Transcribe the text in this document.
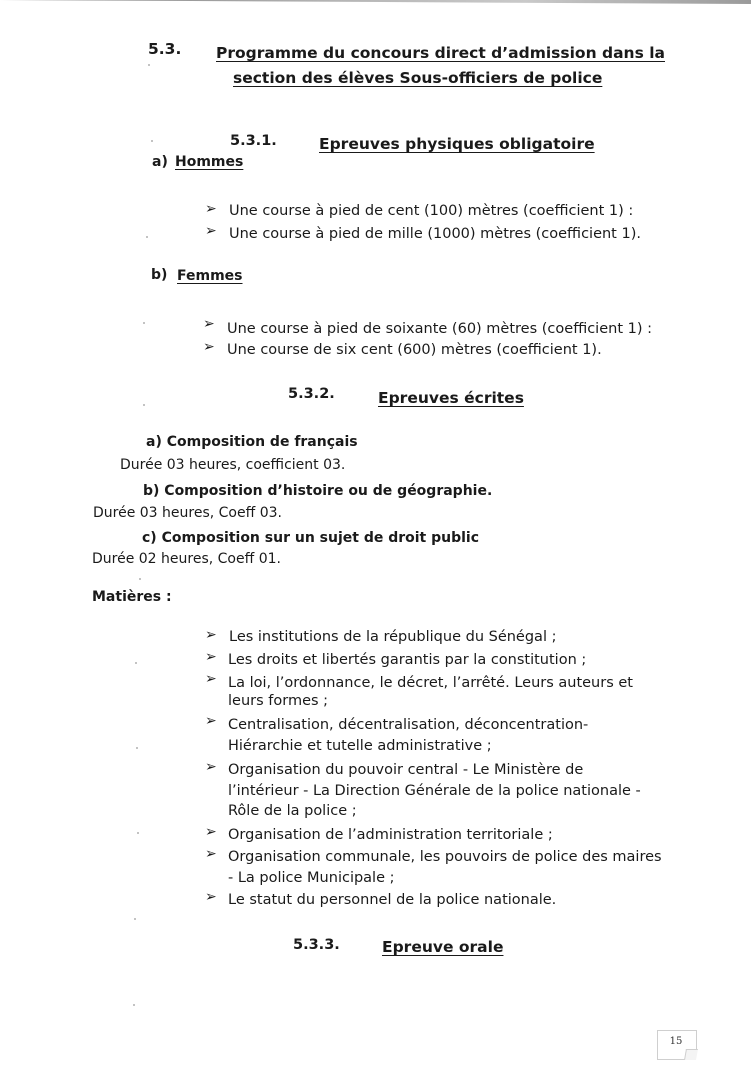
5.3. Programme du concours direct d’admission dans la
section des élèves Sous-officiers de police
5.3.1.	Epreuves physiques obligatoire
a) Hommes
➢ Une course à pied de cent (100) mètres (coefficient 1) :
➢ Une course à pied de mille (1000) mètres (coefficient 1).
b) Femmes
➢ Une course à pied de soixante (60) mètres (coefficient 1) :
➢ Une course de six cent (600) mètres (coefficient 1).
5.3.2.	Epreuves écrites
a) Composition de français
Durée 03 heures, coefficient 03.
b) Composition d’histoire ou de géographie.
Durée 03 heures, Coeff 03.
c) Composition sur un sujet de droit public
Durée 02 heures, Coeff 01.
Matières :
➢ Les institutions de la république du Sénégal ;
➢ Les droits et libertés garantis par la constitution ;
➢ La loi, l’ordonnance, le décret, l’arrêté. Leurs auteurs et
leurs formes ;
➢ Centralisation, décentralisation, déconcentration-
Hiérarchie et tutelle administrative ;
➢ Organisation du pouvoir central - Le Ministère de
l’intérieur - La Direction Générale de la police nationale -
Rôle de la police ;
➢ Organisation de l’administration territoriale ;
➢ Organisation communale, les pouvoirs de police des maires
- La police Municipale ;
➢ Le statut du personnel de la police nationale.
5.3.3.	Epreuve orale
15
